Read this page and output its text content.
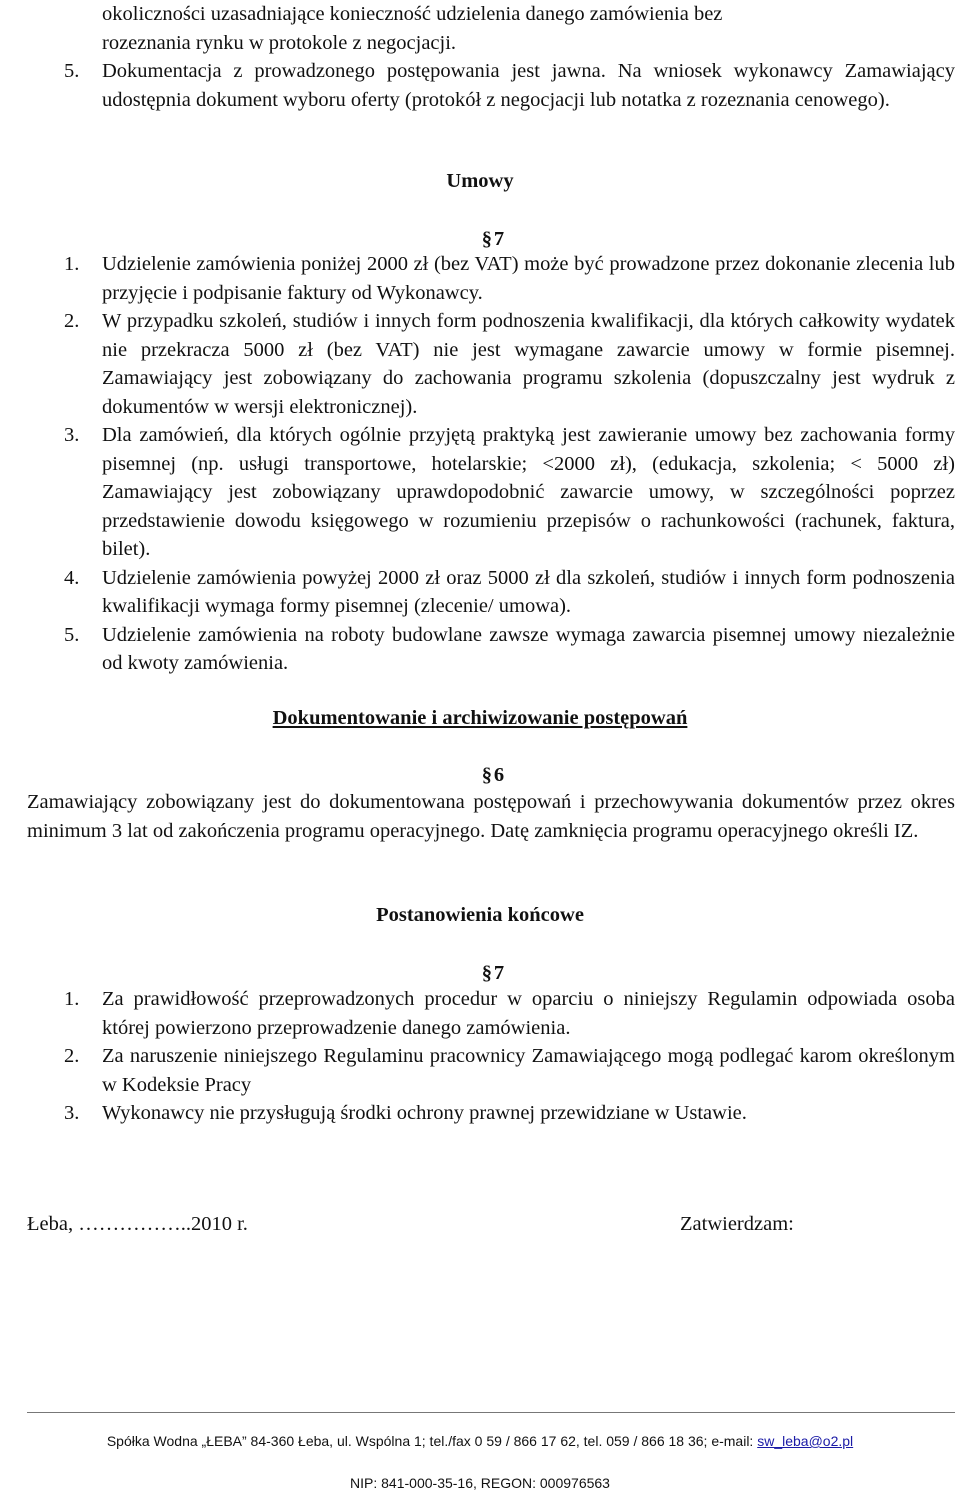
okoliczności uzasadniające konieczność udzielenia danego zamówienia bez

rozeznania rynku w protokole z negocjacji.

5. Dokumentacja z prowadzonego postępowania jest jawna. Na wniosek wykonawcy Zamawiający udostępnia dokument wyboru oferty (protokół z negocjacji lub notatka z rozeznania cenowego).
Umowy
§7
1. Udzielenie zamówienia poniżej 2000 zł (bez VAT) może być prowadzone przez dokonanie zlecenia lub przyjęcie i podpisanie faktury od Wykonawcy.
2. W przypadku szkoleń, studiów i innych form podnoszenia kwalifikacji, dla których całkowity wydatek nie przekracza 5000 zł (bez VAT) nie jest wymagane zawarcie umowy w formie pisemnej. Zamawiający jest zobowiązany do zachowania programu szkolenia (dopuszczalny jest wydruk z dokumentów w wersji elektronicznej).
3. Dla zamówień, dla których ogólnie przyjętą praktyką jest zawieranie umowy bez zachowania formy pisemnej (np. usługi transportowe, hotelarskie; <2000 zł), (edukacja, szkolenia; < 5000 zł) Zamawiający jest zobowiązany uprawdopodobnić zawarcie umowy, w szczególności poprzez przedstawienie dowodu księgowego w rozumieniu przepisów o rachunkowości (rachunek, faktura, bilet).
4. Udzielenie zamówienia powyżej 2000 zł oraz 5000 zł dla szkoleń, studiów i innych form podnoszenia kwalifikacji wymaga formy pisemnej (zlecenie/ umowa).
5. Udzielenie zamówienia na roboty budowlane zawsze wymaga zawarcia pisemnej umowy niezależnie od kwoty zamówienia.
Dokumentowanie i archiwizowanie postępowań
§6

Zamawiający zobowiązany jest do dokumentowana postępowań i przechowywania dokumentów przez okres minimum 3 lat od zakończenia programu operacyjnego. Datę zamknięcia programu operacyjnego określi IZ.

Postanowienia końcowe
§7
1. Za prawidłowość przeprowadzonych procedur w oparciu o niniejszy Regulamin odpowiada osoba której powierzono przeprowadzenie danego zamówienia.
2. Za naruszenie niniejszego Regulaminu pracownicy Zamawiającego mogą podlegać karom określonym w Kodeksie Pracy
3. Wykonawcy nie przysługują środki ochrony prawnej przewidziane w Ustawie.
Łeba, ……………..2010 r.	Zatwierdzam:
Spółka Wodna „ŁEBA” 84-360 Łeba, ul. Wspólna 1; tel./fax 0 59 / 866 17 62, tel. 059 / 866 18 36; e-mail: sw_leba@o2.pl
NIP: 841-000-35-16, REGON: 000976563
